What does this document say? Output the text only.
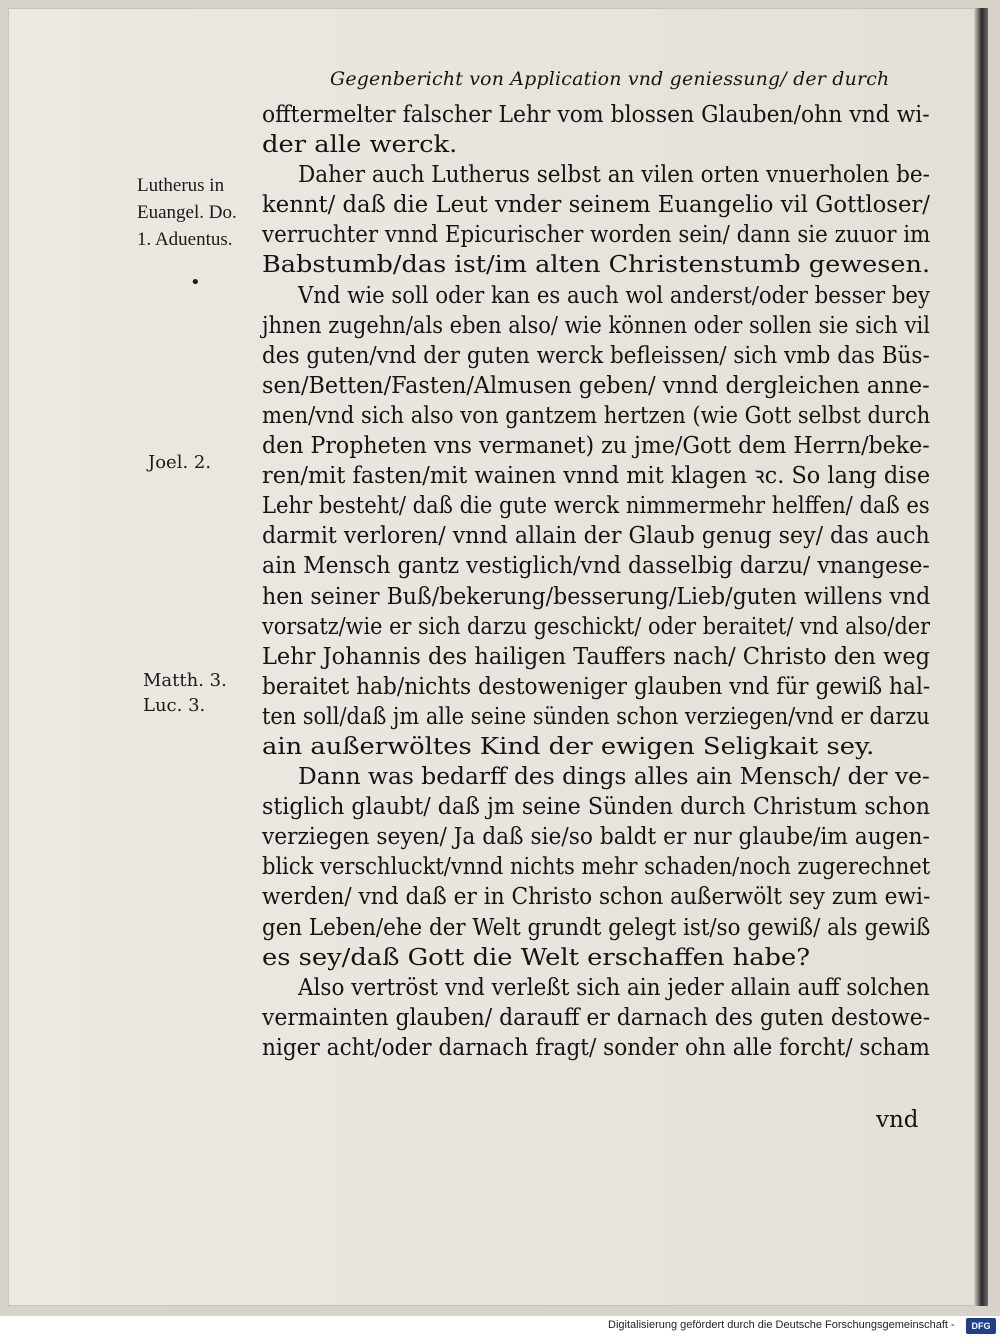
Gegenbericht von Application vnd geniessung/ der durch
offtermelter falscher Lehr vom blossen Glauben/ohn vnd wi-
der alle werck.
Daher auch Lutherus selbst an vilen orten vnuerholen be-
kennt/ daß die Leut vnder seinem Euangelio vil Gottloser/
verruchter vnnd Epicurischer worden sein/ dann sie zuuor im
Babstumb/das ist/im alten Christenstumb gewesen.
Vnd wie soll oder kan es auch wol anderst/oder besser bey
jhnen zugehn/als eben also/ wie können oder sollen sie sich vil
des guten/vnd der guten werck befleissen/ sich vmb das Büs-
sen/Betten/Fasten/Almusen geben/ vnnd dergleichen anne-
men/vnd sich also von gantzem hertzen (wie Gott selbst durch
den Propheten vns vermanet) zu jme/Gott dem Herrn/beke-
ren/mit fasten/mit wainen vnnd mit klagen ꝛc. So lang dise
Lehr besteht/ daß die gute werck nimmermehr helffen/ daß es
darmit verloren/ vnnd allain der Glaub genug sey/ das auch
ain Mensch gantz vestiglich/vnd dasselbig darzu/ vnangese-
hen seiner Buß/bekerung/besserung/Lieb/guten willens vnd
vorsatz/wie er sich darzu geschickt/ oder beraitet/ vnd also/der
Lehr Johannis des hailigen Tauffers nach/ Christo den weg
beraitet hab/nichts destoweniger glauben vnd für gewiß hal-
ten soll/daß jm alle seine sünden schon verziegen/vnd er darzu
ain außerwöltes Kind der ewigen Seligkait sey.
Dann was bedarff des dings alles ain Mensch/ der ve-
stiglich glaubt/ daß jm seine Sünden durch Christum schon
verziegen seyen/ Ja daß sie/so baldt er nur glaube/im augen-
blick verschluckt/vnnd nichts mehr schaden/noch zugerechnet
werden/ vnd daß er in Christo schon außerwölt sey zum ewi-
gen Leben/ehe der Welt grundt gelegt ist/so gewiß/ als gewiß
es sey/daß Gott die Welt erschaffen habe?
Also vertröst vnd verleßt sich ain jeder allain auff solchen
vermainten glauben/ darauff er darnach des guten destowe-
niger acht/oder darnach fragt/ sonder ohn alle forcht/ scham
vnd
Lutherus in
Euangel. Do.
1. Aduentus.
•
Joel. 2.
Matth. 3.
Luc. 3.
Digitalisierung gefördert durch die Deutsche Forschungsgemeinschaft -	DFG
